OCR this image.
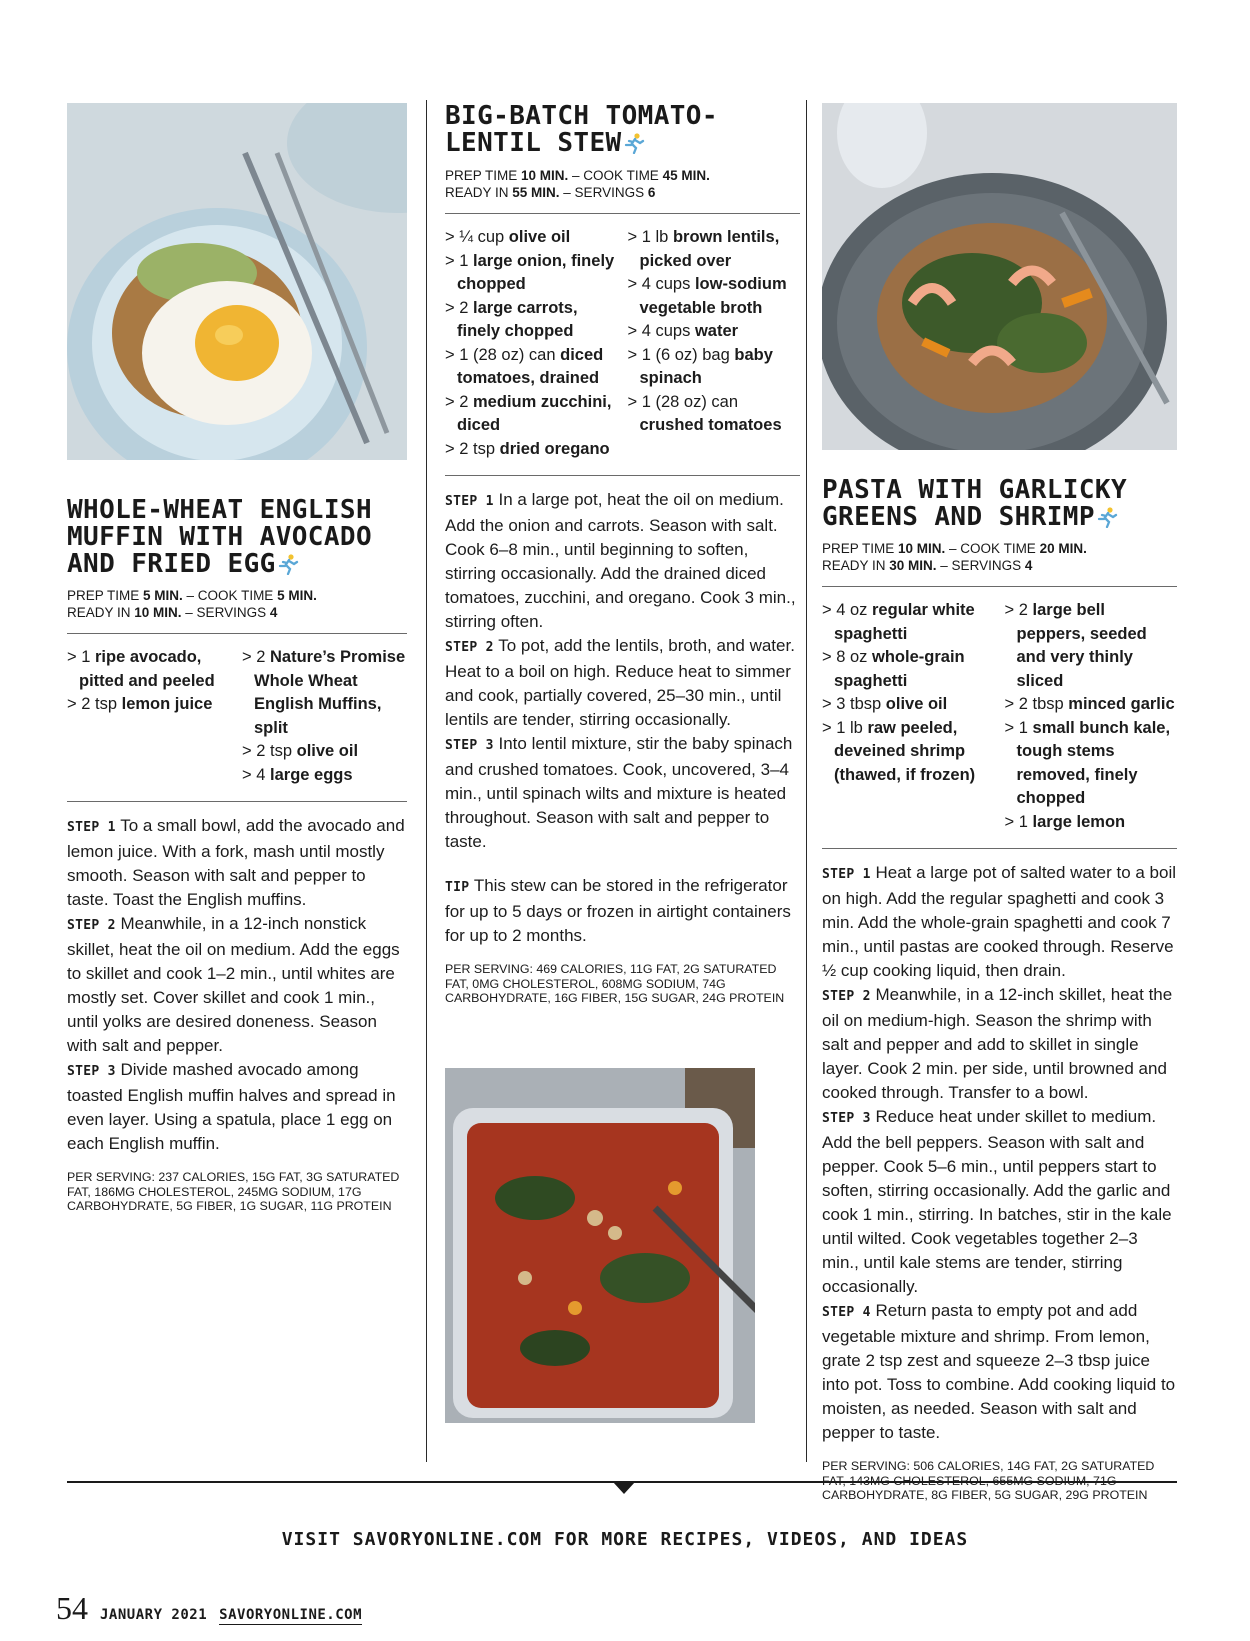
WHOLE-WHEAT ENGLISH MUFFIN WITH AVOCADO AND FRIED EGG
PREP TIME 5 MIN. – COOK TIME 5 MIN.
READY IN 10 MIN. – SERVINGS 4
> 1 ripe avocado, pitted and peeled
> 2 tsp lemon juice
> 2 Nature’s Promise Whole Wheat English Muffins, split
> 2 tsp olive oil
> 4 large eggs

STEP 1 To a small bowl, add the avocado and lemon juice. With a fork, mash until mostly smooth. Season with salt and pepper to taste. Toast the English muffins.

STEP 2 Meanwhile, in a 12-inch nonstick skillet, heat the oil on medium. Add the eggs to skillet and cook 1–2 min., until whites are mostly set. Cover skillet and cook 1 min., until yolks are desired doneness. Season with salt and pepper.

STEP 3 Divide mashed avocado among toasted English muffin halves and spread in even layer. Using a spatula, place 1 egg on each English muffin.

PER SERVING: 237 CALORIES, 15G FAT, 3G SATURATED FAT, 186MG CHOLESTEROL, 245MG SODIUM, 17G CARBOHYDRATE, 5G FIBER, 1G SUGAR, 11G PROTEIN
BIG-BATCH TOMATO-LENTIL STEW
PREP TIME 10 MIN. – COOK TIME 45 MIN.
READY IN 55 MIN. – SERVINGS 6
> ¼ cup olive oil
> 1 large onion, finely chopped
> 2 large carrots, finely chopped
> 1 (28 oz) can diced tomatoes, drained
> 2 medium zucchini, diced
> 2 tsp dried oregano
> 1 lb brown lentils, picked over
> 4 cups low-sodium vegetable broth
> 4 cups water
> 1 (6 oz) bag baby spinach
> 1 (28 oz) can crushed tomatoes

STEP 1 In a large pot, heat the oil on medium. Add the onion and carrots. Season with salt. Cook 6–8 min., until beginning to soften, stirring occasionally. Add the drained diced tomatoes, zucchini, and oregano. Cook 3 min., stirring often.

STEP 2 To pot, add the lentils, broth, and water. Heat to a boil on high. Reduce heat to simmer and cook, partially covered, 25–30 min., until lentils are tender, stirring occasionally.

STEP 3 Into lentil mixture, stir the baby spinach and crushed tomatoes. Cook, uncovered, 3–4 min., until spinach wilts and mixture is heated throughout. Season with salt and pepper to taste.

TIP This stew can be stored in the refrigerator for up to 5 days or frozen in airtight containers for up to 2 months.

PER SERVING: 469 CALORIES, 11G FAT, 2G SATURATED FAT, 0MG CHOLESTEROL, 608MG SODIUM, 74G CARBOHYDRATE, 16G FIBER, 15G SUGAR, 24G PROTEIN
PASTA WITH GARLICKY GREENS AND SHRIMP
PREP TIME 10 MIN. – COOK TIME 20 MIN.
READY IN 30 MIN. – SERVINGS 4
> 4 oz regular white spaghetti
> 8 oz whole-grain spaghetti
> 3 tbsp olive oil
> 1 lb raw peeled, deveined shrimp (thawed, if frozen)
> 2 large bell peppers, seeded and very thinly sliced
> 2 tbsp minced garlic
> 1 small bunch kale, tough stems removed, finely chopped
> 1 large lemon

STEP 1 Heat a large pot of salted water to a boil on high. Add the regular spaghetti and cook 3 min. Add the whole-grain spaghetti and cook 7 min., until pastas are cooked through. Reserve ½ cup cooking liquid, then drain.

STEP 2 Meanwhile, in a 12-inch skillet, heat the oil on medium-high. Season the shrimp with salt and pepper and add to skillet in single layer. Cook 2 min. per side, until browned and cooked through. Transfer to a bowl.

STEP 3 Reduce heat under skillet to medium. Add the bell peppers. Season with salt and pepper. Cook 5–6 min., until peppers start to soften, stirring occasionally. Add the garlic and cook 1 min., stirring. In batches, stir in the kale until wilted. Cook vegetables together 2–3 min., until kale stems are tender, stirring occasionally.

STEP 4 Return pasta to empty pot and add vegetable mixture and shrimp. From lemon, grate 2 tsp zest and squeeze 2–3 tbsp juice into pot. Toss to combine. Add cooking liquid to moisten, as needed. Season with salt and pepper to taste.

PER SERVING: 506 CALORIES, 14G FAT, 2G SATURATED CARBOHYDRATE, 8G FIBER, 5G SUGAR, 29G PROTEIN
VISIT SAVORYONLINE.COM FOR MORE RECIPES, VIDEOS, AND IDEAS
54 JANUARY 2021 SAVORYONLINE.COM
